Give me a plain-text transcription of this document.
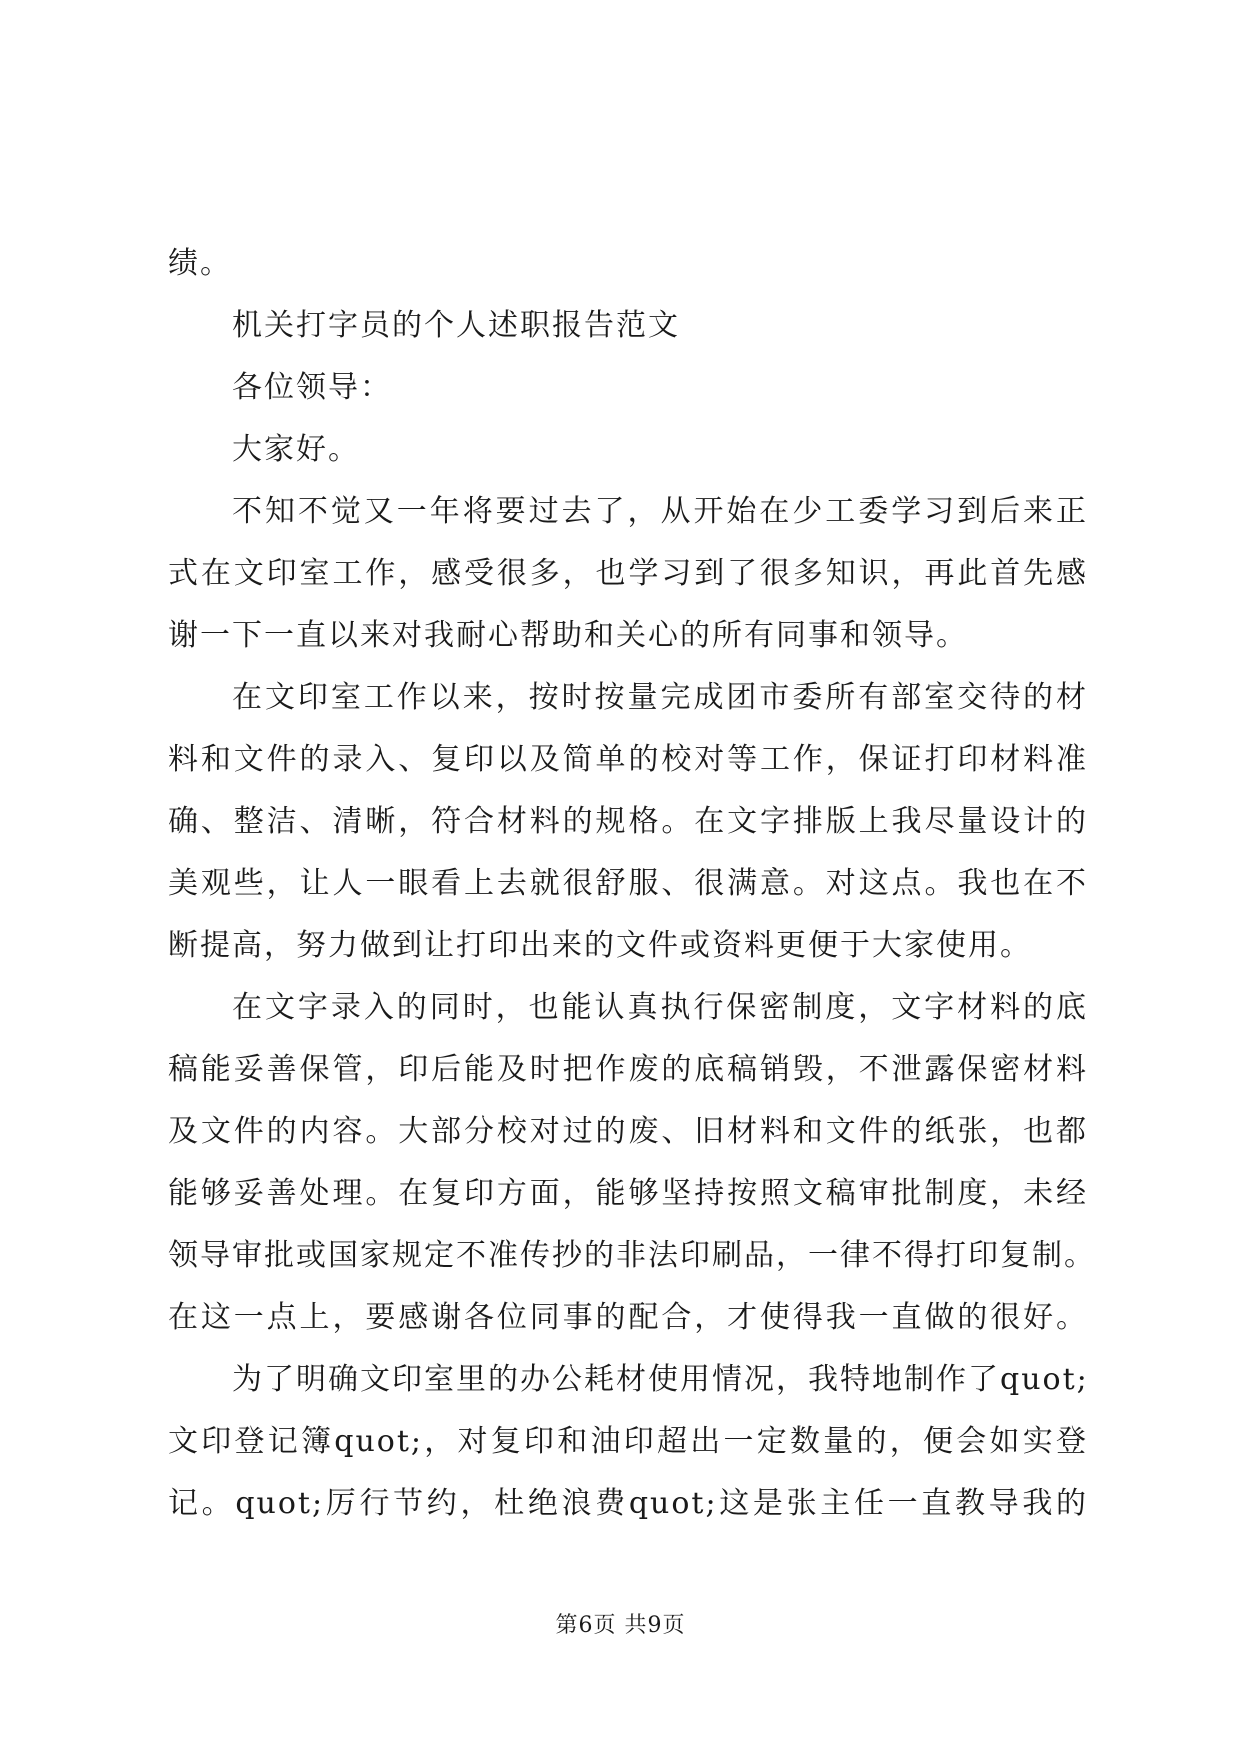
绩。
机关打字员的个人述职报告范文
各位领导：
大家好。
不知不觉又一年将要过去了，从开始在少工委学习到后来正
式在文印室工作，感受很多，也学习到了很多知识，再此首先感
谢一下一直以来对我耐心帮助和关心的所有同事和领导。
在文印室工作以来，按时按量完成团市委所有部室交待的材
料和文件的录入、复印以及简单的校对等工作，保证打印材料准
确、整洁、清晰，符合材料的规格。在文字排版上我尽量设计的
美观些，让人一眼看上去就很舒服、很满意。对这点。我也在不
断提高，努力做到让打印出来的文件或资料更便于大家使用。
在文字录入的同时，也能认真执行保密制度，文字材料的底
稿能妥善保管，印后能及时把作废的底稿销毁，不泄露保密材料
及文件的内容。大部分校对过的废、旧材料和文件的纸张，也都
能够妥善处理。在复印方面，能够坚持按照文稿审批制度，未经
领导审批或国家规定不准传抄的非法印刷品，一律不得打印复制。
在这一点上，要感谢各位同事的配合，才使得我一直做的很好。
为了明确文印室里的办公耗材使用情况，我特地制作了quot;
文印登记簿quot;，对复印和油印超出一定数量的，便会如实登
记。quot;厉行节约，杜绝浪费quot;这是张主任一直教导我的
第6页 共9页
